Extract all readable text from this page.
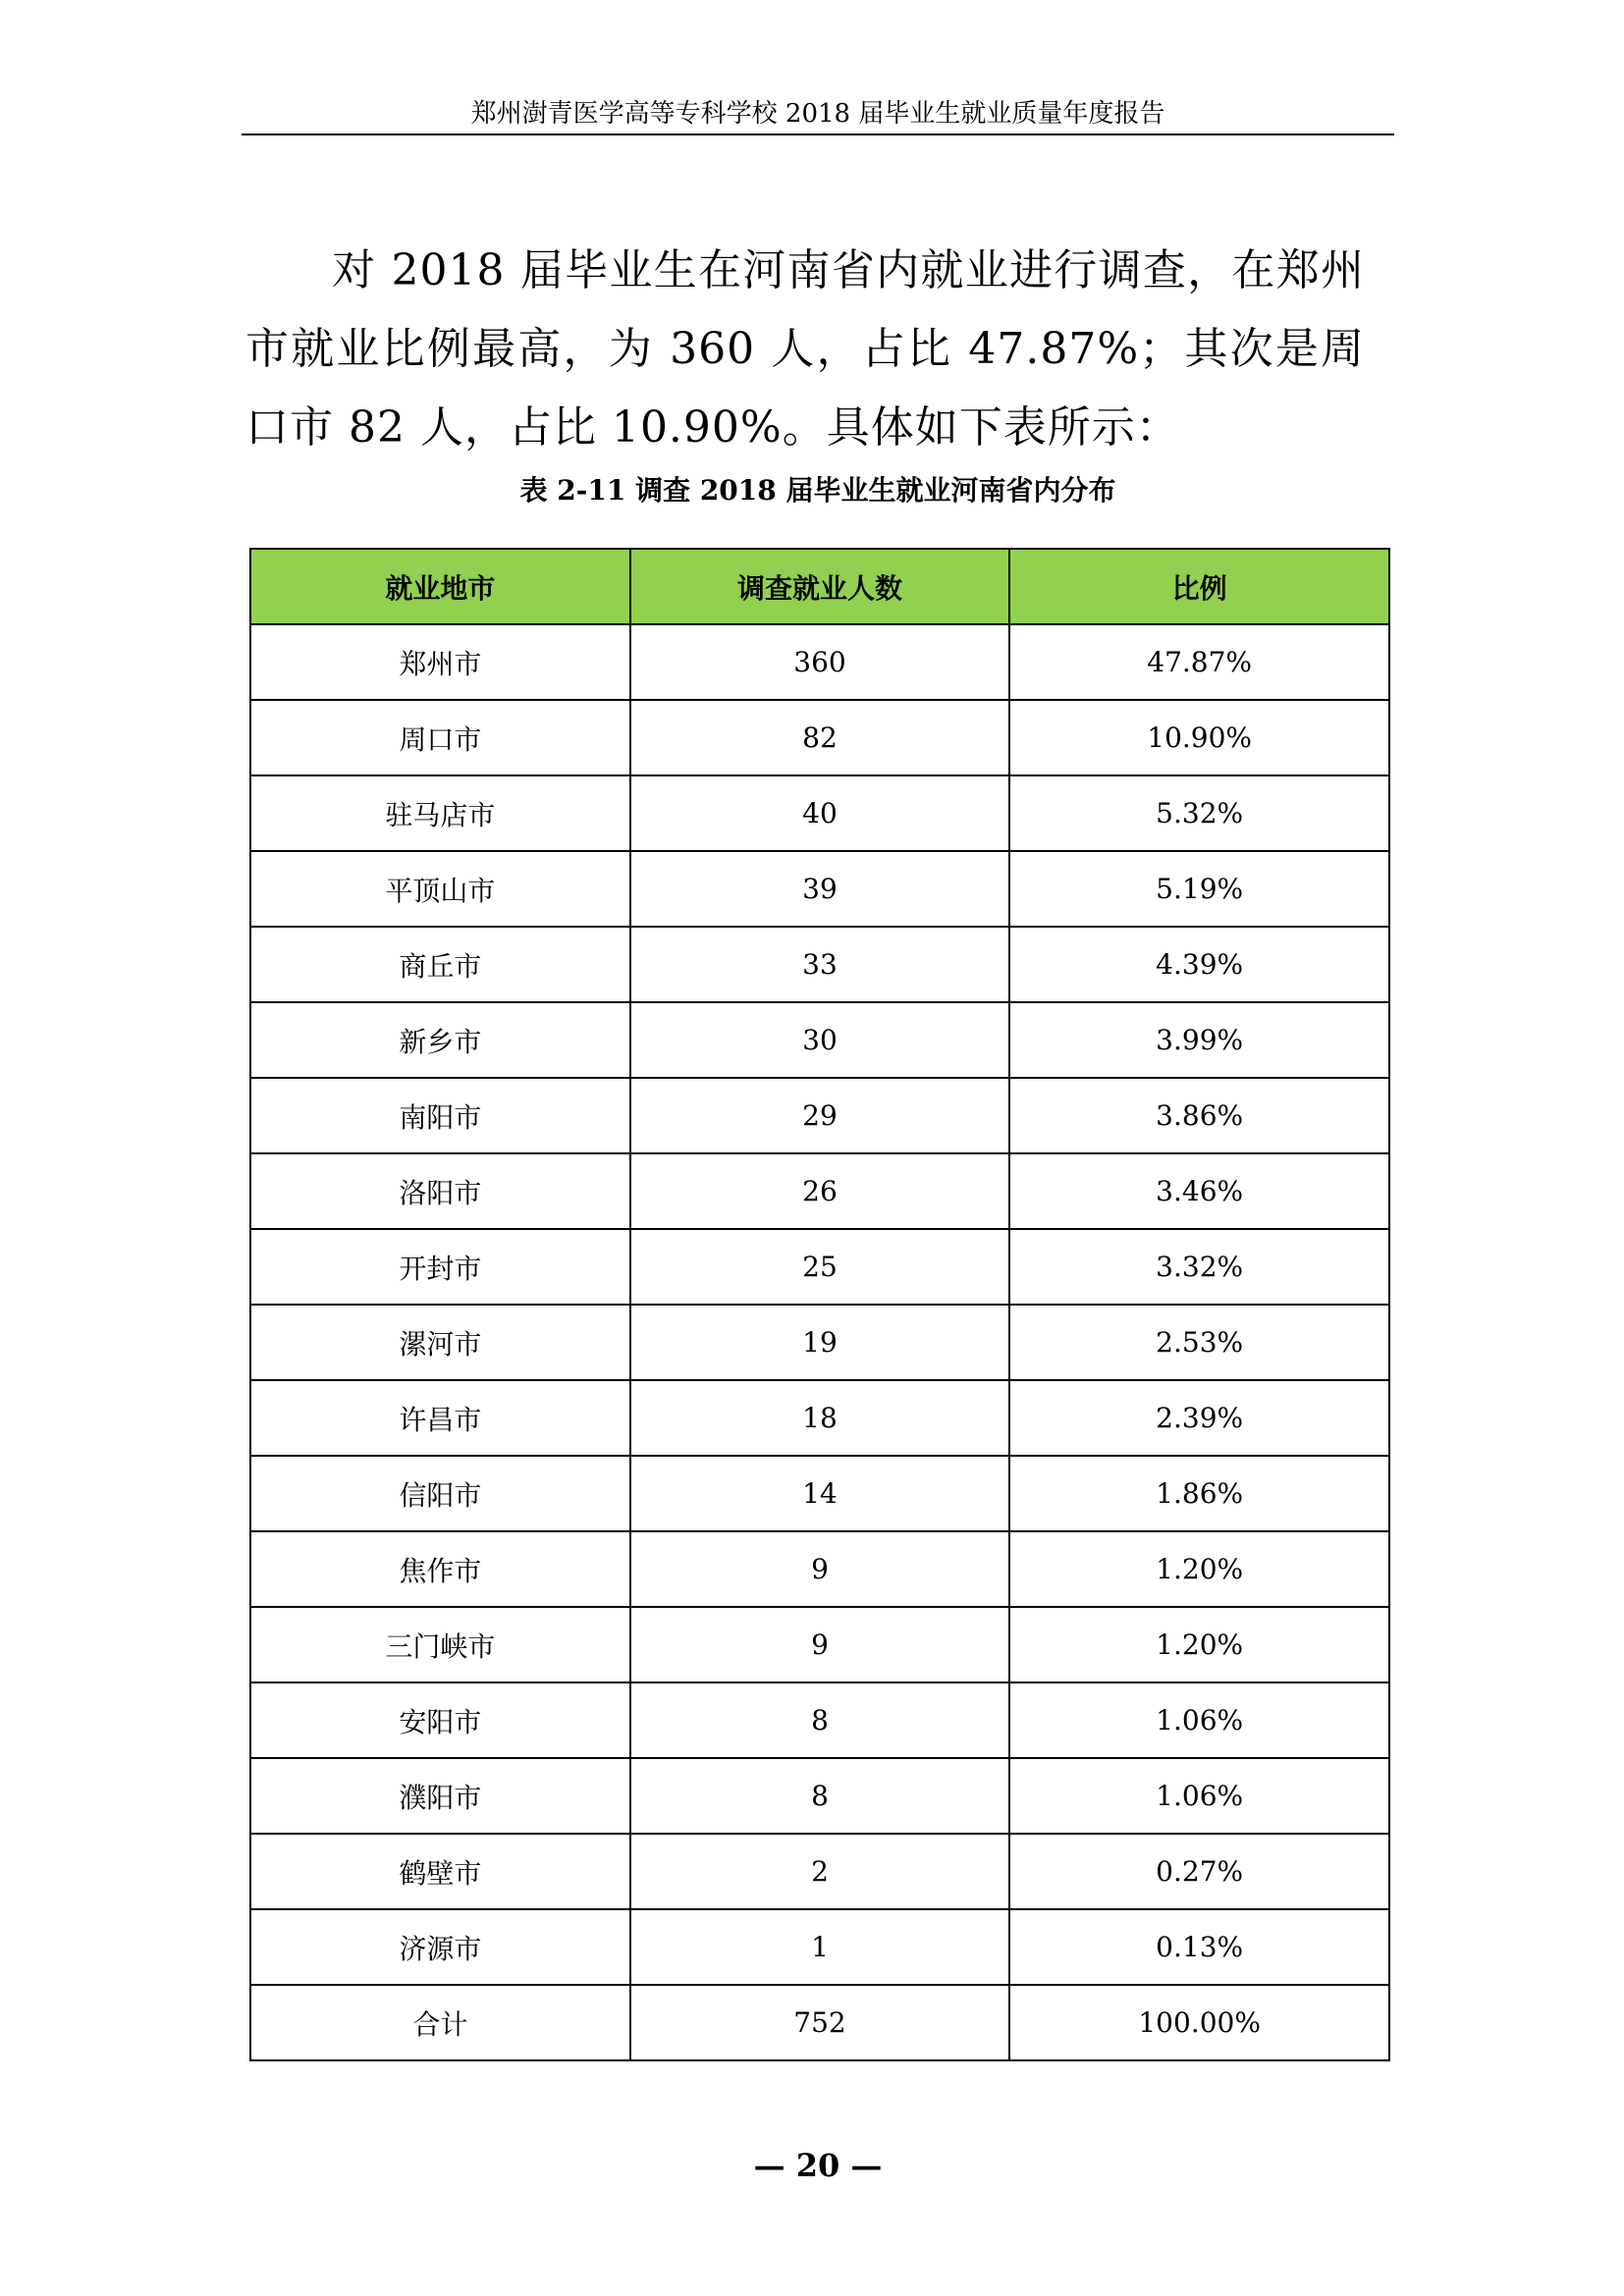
郑州澍青医学高等专科学校 2018 届毕业生就业质量年度报告

对 2018 届毕业生在河南省内就业进行调查，在郑州市就业比例最高，为 360 人，占比 47.87%；其次是周口市 82 人，占比 10.90%。具体如下表所示：

表 2-11 调查 2018 届毕业生就业河南省内分布
就业地市	调查就业人数	比例
郑州市	360	47.87%
周口市	82	10.90%
驻马店市	40	5.32%
平顶山市	39	5.19%
商丘市	33	4.39%
新乡市	30	3.99%
南阳市	29	3.86%
洛阳市	26	3.46%
开封市	25	3.32%
漯河市	19	2.53%
许昌市	18	2.39%
信阳市	14	1.86%
焦作市	9	1.20%
三门峡市	9	1.20%
安阳市	8	1.06%
濮阳市	8	1.06%
鹤壁市	2	0.27%
济源市	1	0.13%
合计	752	100.00%
— 20 —
